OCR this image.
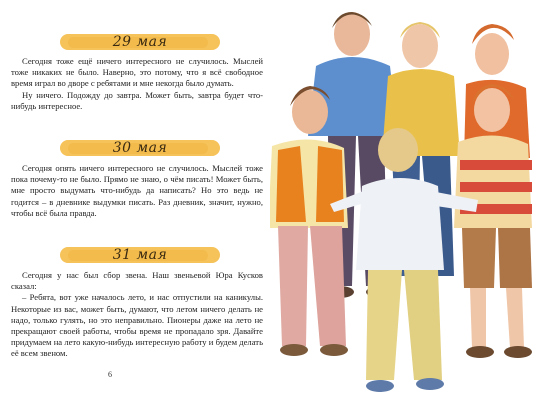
29 мая

Сегодня тоже ещё ничего интересного не случилось. Мыслей тоже никаких не было. Наверно, это потому, что я всё свободное время играл во дворе с ребятами и мне некогда было думать.

Ну ничего. Подожду до завтра. Может быть, завтра будет что-нибудь интересное.

30 мая

Сегодня опять ничего интересного не случилось. Мыслей тоже пока почему-то не было. Прямо не знаю, о чём писать! Может быть, мне просто выдумать что-нибудь да написать? Но это ведь не годится – в дневнике выдумки писать. Раз дневник, значит, нужно, чтобы всё была правда.

31 мая

Сегодня у нас был сбор звена. Наш звеньевой Юра Кусков сказал:

– Ребята, вот уже началось лето, и нас отпустили на каникулы. Некоторые из вас, может быть, думают, что летом ничего делать не надо, только гулять, но это неправильно. Пионеры даже на лето не прекращают своей работы, чтобы время не пропадало зря. Давайте придумаем на лето какую-нибудь интересную работу и будем делать её всем звеном.

6
